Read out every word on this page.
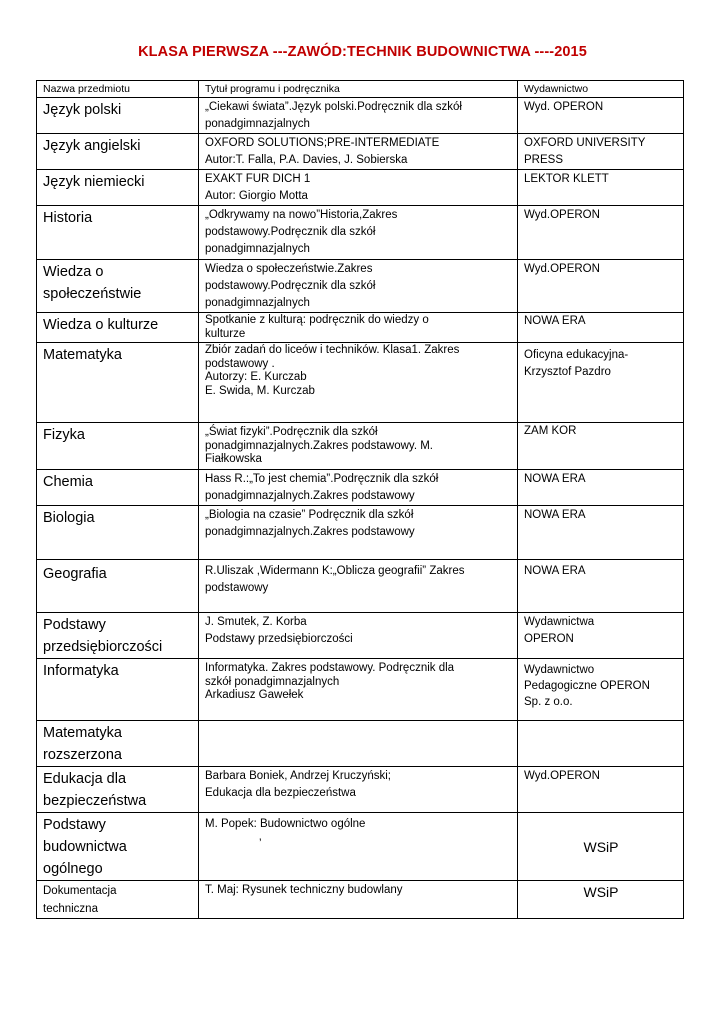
KLASA PIERWSZA ---ZAWÓD:TECHNIK BUDOWNICTWA ----2015
Nazwa przedmiotu	Tytuł programu i podręcznika	Wydawnictwo

Język polski	„Ciekawi świata”.Język polski.Podręcznik dla szkół
ponadgimnazjalnych	Wyd. OPERON

Język angielski	OXFORD SOLUTIONS;PRE-INTERMEDIATE
Autor:T. Falla, P.A. Davies, J. Sobierska	OXFORD UNIVERSITY
PRESS

Język niemiecki	EXAKT FUR DICH 1
Autor: Giorgio Motta	LEKTOR KLETT

Historia	„Odkrywamy na nowo”Historia,Zakres
podstawowy.Podręcznik dla szkół
ponadgimnazjalnych	Wyd.OPERON

Wiedza o
społeczeństwie	Wiedza o społeczeństwie.Zakres
podstawowy.Podręcznik dla szkół
ponadgimnazjalnych	Wyd.OPERON

Wiedza o kulturze	Spotkanie z kulturą: podręcznik do wiedzy o
kulturze	NOWA ERA

Matematyka	Zbiór zadań do liceów i techników. Klasa1. Zakres
podstawowy .
Autorzy: E. Kurczab
E. Swida, M. Kurczab	Oficyna edukacyjna-
Krzysztof Pazdro

Fizyka	„Świat fizyki”.Podręcznik dla szkół
ponadgimnazjalnych.Zakres podstawowy. M.
Fiałkowska	ZAM KOR

Chemia	Hass R.:„To jest chemia”.Podręcznik dla szkół
ponadgimnazjalnych.Zakres podstawowy	NOWA ERA

Biologia	„Biologia na czasie” Podręcznik dla szkół
ponadgimnazjalnych.Zakres podstawowy	NOWA ERA

Geografia	R.Uliszak ,Widermann K:„Oblicza geografii” Zakres
podstawowy	NOWA ERA

Podstawy
przedsiębiorczości	J. Smutek, Z. Korba
Podstawy przedsiębiorczości	Wydawnictwa
OPERON

Informatyka	Informatyka. Zakres podstawowy. Podręcznik dla
szkół ponadgimnazjalnych
Arkadiusz Gawełek	Wydawnictwo
Pedagogiczne OPERON
Sp. z o.o.

Matematyka
rozszerzona		

Edukacja dla
bezpieczeństwa	Barbara Boniek, Andrzej Kruczyński;
Edukacja dla bezpieczeństwa	Wyd.OPERON

Podstawy
budownictwa
ogólnego	M. Popek: Budownictwo ogólne
’	WSiP

Dokumentacja
techniczna	T. Maj: Rysunek techniczny budowlany	WSiP
